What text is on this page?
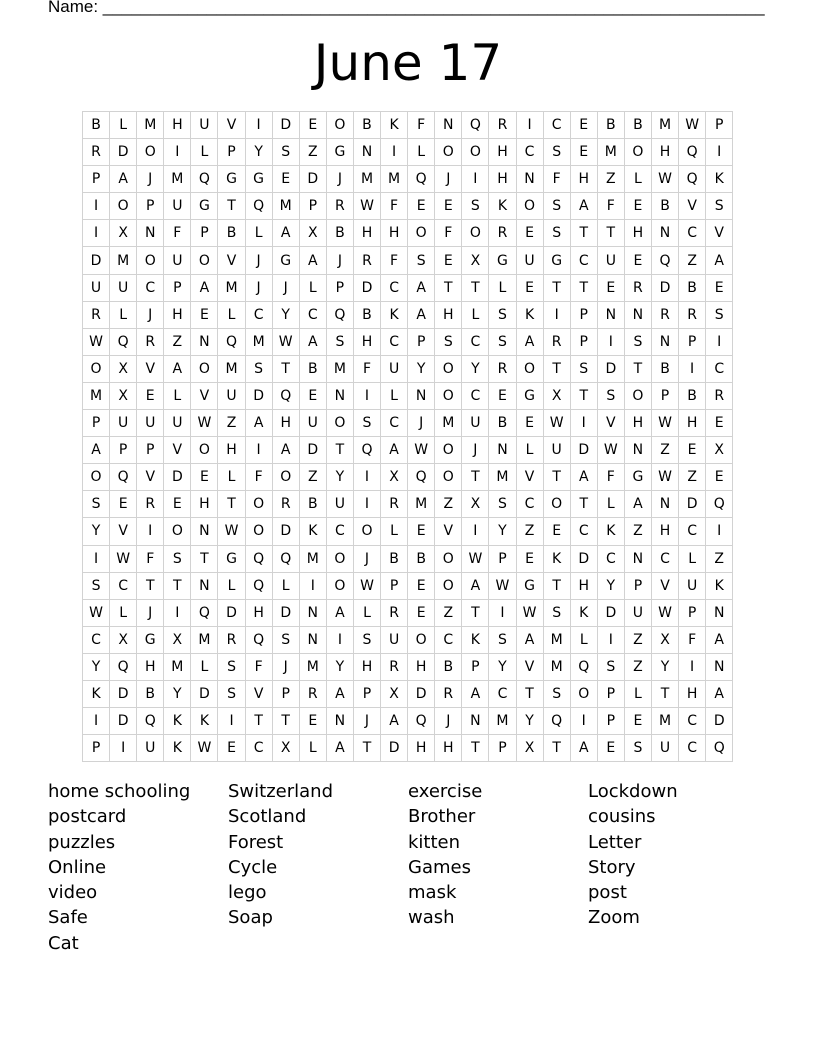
Name: ______________________________________________________________________
June 17
B	L	M	H	U	V	I	D	E	O	B	K	F	N	Q	R	I	C	E	B	B	M	W	P
R	D	O	I	L	P	Y	S	Z	G	N	I	L	O	O	H	C	S	E	M	O	H	Q	I
P	A	J	M	Q	G	G	E	D	J	M	M	Q	J	I	H	N	F	H	Z	L	W	Q	K
I	O	P	U	G	T	Q	M	P	R	W	F	E	E	S	K	O	S	A	F	E	B	V	S
I	X	N	F	P	B	L	A	X	B	H	H	O	F	O	R	E	S	T	T	H	N	C	V
D	M	O	U	O	V	J	G	A	J	R	F	S	E	X	G	U	G	C	U	E	Q	Z	A
U	U	C	P	A	M	J	J	L	P	D	C	A	T	T	L	E	T	T	E	R	D	B	E
R	L	J	H	E	L	C	Y	C	Q	B	K	A	H	L	S	K	I	P	N	N	R	R	S
W	Q	R	Z	N	Q	M	W	A	S	H	C	P	S	C	S	A	R	P	I	S	N	P	I
O	X	V	A	O	M	S	T	B	M	F	U	Y	O	Y	R	O	T	S	D	T	B	I	C
M	X	E	L	V	U	D	Q	E	N	I	L	N	O	C	E	G	X	T	S	O	P	B	R
P	U	U	U	W	Z	A	H	U	O	S	C	J	M	U	B	E	W	I	V	H	W	H	E
A	P	P	V	O	H	I	A	D	T	Q	A	W	O	J	N	L	U	D	W	N	Z	E	X
O	Q	V	D	E	L	F	O	Z	Y	I	X	Q	O	T	M	V	T	A	F	G	W	Z	E
S	E	R	E	H	T	O	R	B	U	I	R	M	Z	X	S	C	O	T	L	A	N	D	Q
Y	V	I	O	N	W	O	D	K	C	O	L	E	V	I	Y	Z	E	C	K	Z	H	C	I
I	W	F	S	T	G	Q	Q	M	O	J	B	B	O	W	P	E	K	D	C	N	C	L	Z
S	C	T	T	N	L	Q	L	I	O	W	P	E	O	A	W	G	T	H	Y	P	V	U	K
W	L	J	I	Q	D	H	D	N	A	L	R	E	Z	T	I	W	S	K	D	U	W	P	N
C	X	G	X	M	R	Q	S	N	I	S	U	O	C	K	S	A	M	L	I	Z	X	F	A
Y	Q	H	M	L	S	F	J	M	Y	H	R	H	B	P	Y	V	M	Q	S	Z	Y	I	N
K	D	B	Y	D	S	V	P	R	A	P	X	D	R	A	C	T	S	O	P	L	T	H	A
I	D	Q	K	K	I	T	T	E	N	J	A	Q	J	N	M	Y	Q	I	P	E	M	C	D
P	I	U	K	W	E	C	X	L	A	T	D	H	H	T	P	X	T	A	E	S	U	C	Q
home schooling	Switzerland	exercise	Lockdown
postcard	Scotland	Brother	cousins
puzzles	Forest	kitten	Letter
Online	Cycle	Games	Story
video	lego	mask	post
Safe	Soap	wash	Zoom
Cat
